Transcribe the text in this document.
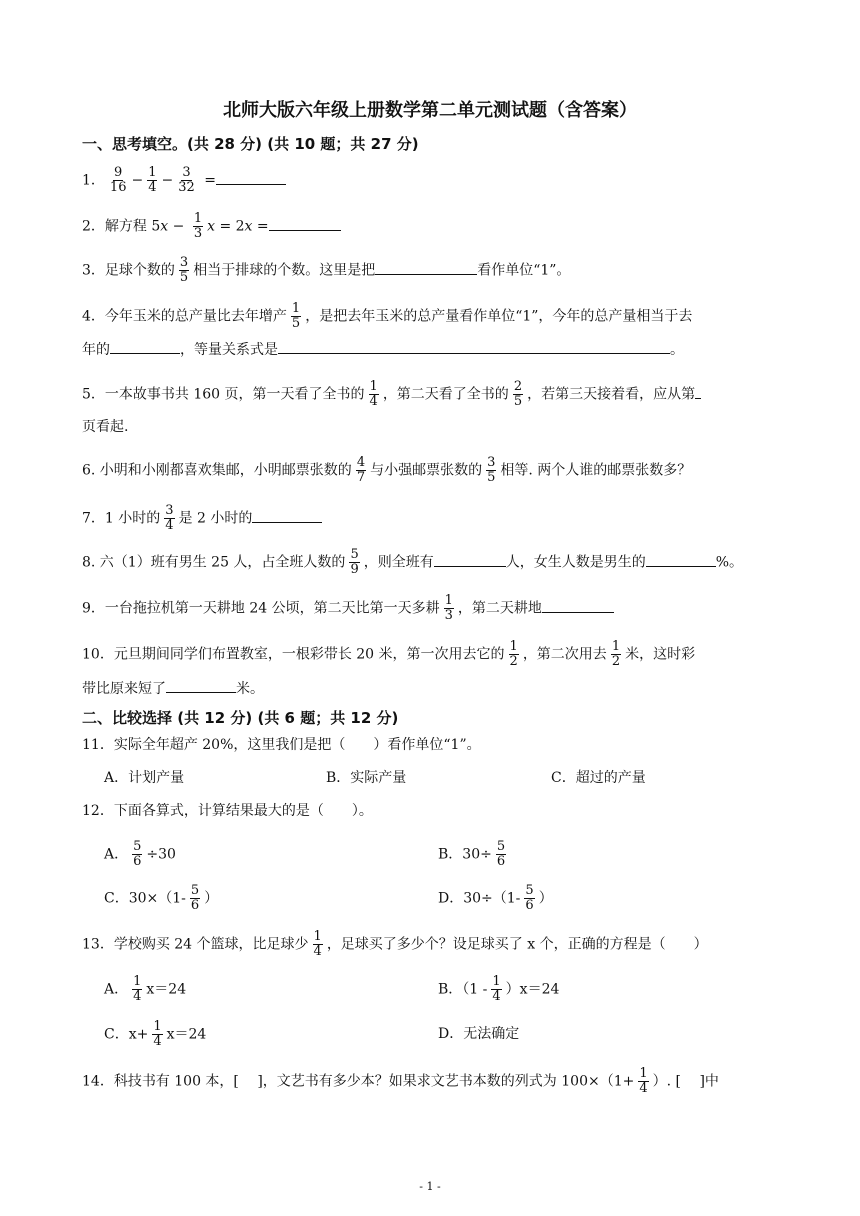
北师大版六年级上册数学第二单元测试题（含答案）
一、思考填空。(共 28 分) (共 10 题；共 27 分)
1． $\frac{9}{16} - \frac{1}{4} - \frac{3}{32}$ =
2．解方程 $5x - \frac{1}{3}$ x = 2x =
3．足球个数的 $\frac{3}{5}$ 相当于排球的个数。这里是把	看作单位“1”。
4．今年玉米的总产量比去年增产 $\frac{1}{5}$ ，是把去年玉米的总产量看作单位“1”，今年的总产量相当于去
年的	，等量关系式是	。
5．一本故事书共 160 页，第一天看了全书的 $\frac{1}{4}$ ，第二天看了全书的 $\frac{2}{5}$ ，若第三天接着看，应从第
页看起.
6. 小明和小刚都喜欢集邮，小明邮票张数的 $\frac{4}{7}$ 与小强邮票张数的 $\frac{3}{5}$ 相等. 两个人谁的邮票张数多？
7．1 小时的 $\frac{3}{4}$ 是 2 小时的
8. 六（1）班有男生 25 人，占全班人数的 $\frac{5}{9}$ ，则全班有	人，女生人数是男生的	%。
9．一台拖拉机第一天耕地 24 公顷，第二天比第一天多耕 $\frac{1}{3}$ ，第二天耕地
10．元旦期间同学们布置教室，一根彩带长 20 米，第一次用去它的 $\frac{1}{2}$ ，第二次用去 $\frac{1}{2}$ 米，这时彩
带比原来短了	米。
二、比较选择 (共 12 分) (共 6 题；共 12 分)
11．实际全年超产 20%，这里我们是把（　　）看作单位“1”。
A．计划产量	B．实际产量	C．超过的产量
12．下面各算式，计算结果最大的是（　　）。
A． $\frac{5}{6} \div 30$	B．$30\div \frac{5}{6}$
C．$30\times(1- \frac{5}{6}$ ）	D．$30\div(1- \frac{5}{6}$ ）
13．学校购买 24 个篮球，比足球少 $\frac{1}{4}$ ，足球买了多少个？设足球买了 x 个，正确的方程是（　　）
A． $\frac{1}{4} x=24$	B．$(1 - \frac{1}{4} )x=24$
C．$x+ \frac{1}{4} x=24$	D．无法确定
14．科技书有 100 本，[　 ]，文艺书有多少本？如果求文艺书本数的列式为 $100\times(1+ \frac{1}{4}$ ）. [　 ]中
- 1 -
